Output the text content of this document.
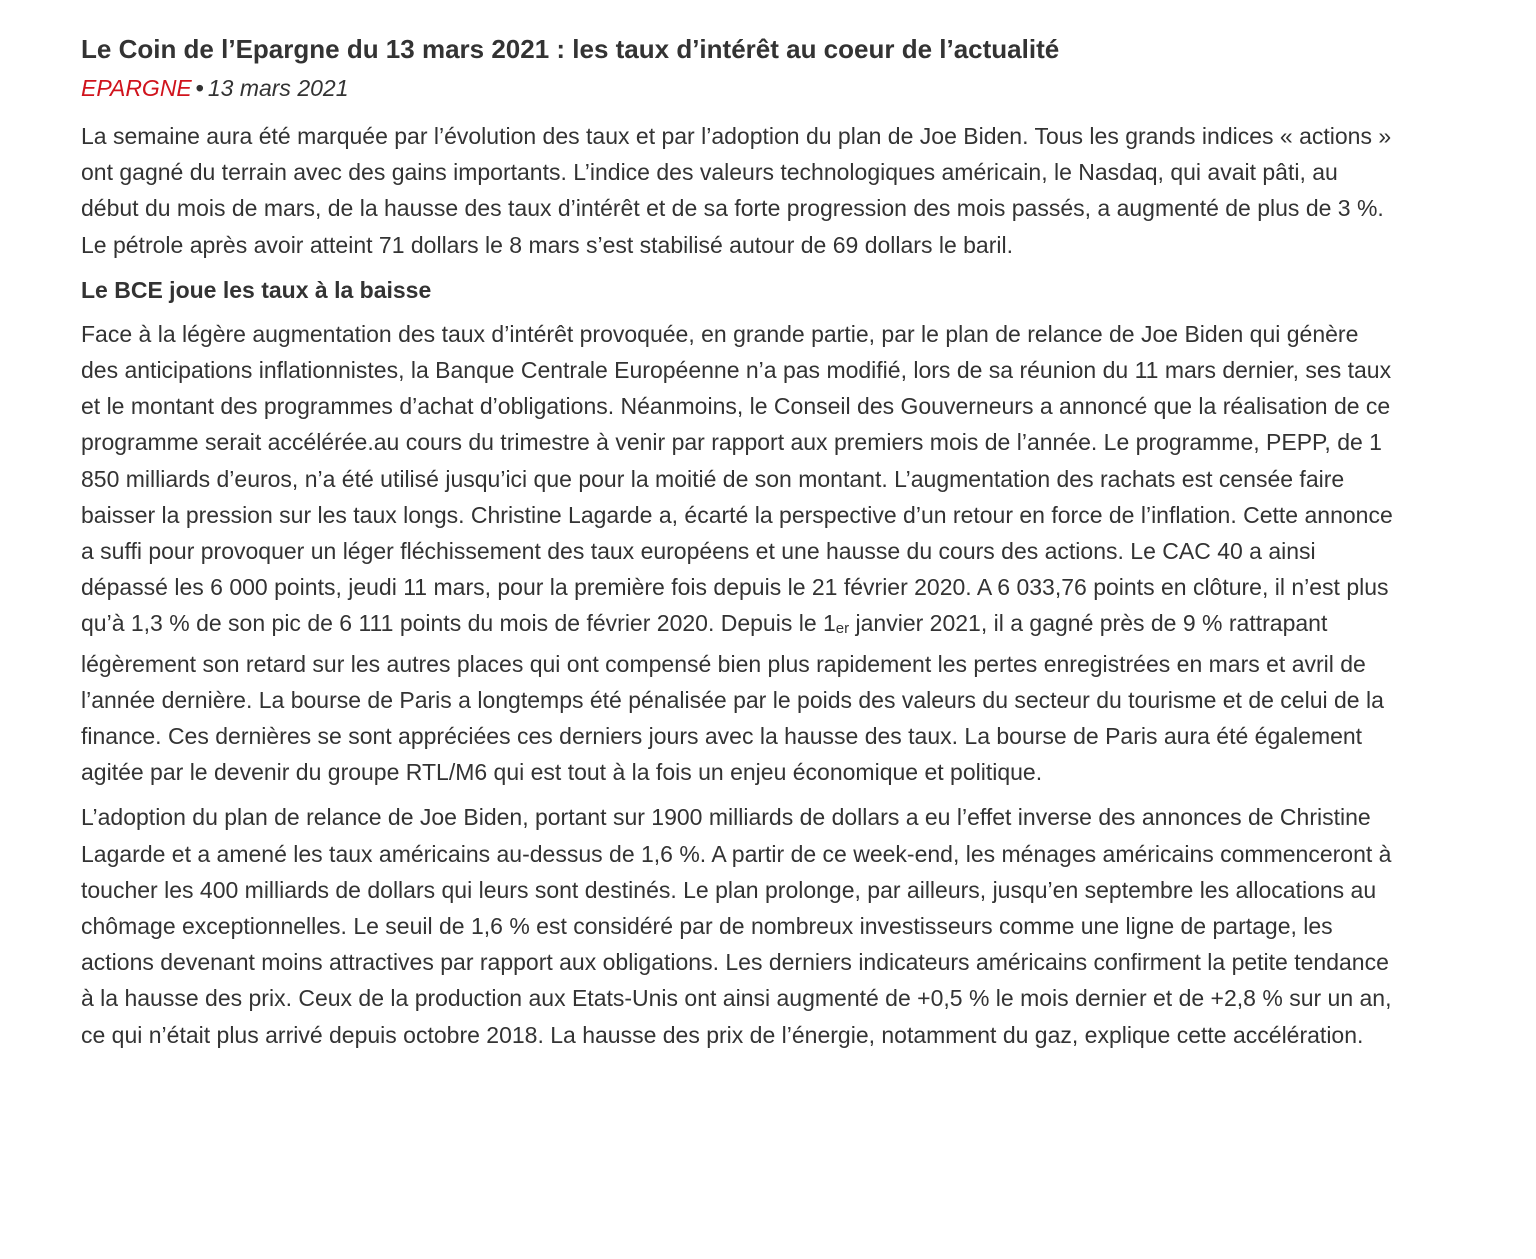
Le Coin de l’Epargne du 13 mars 2021 : les taux d’intérêt au coeur de l’actualité
EPARGNE • 13 mars 2021

La semaine aura été marquée par l’évolution des taux et par l’adoption du plan de Joe Biden. Tous les grands indices « actions » ont gagné du terrain avec des gains importants. L’indice des valeurs technologiques américain, le Nasdaq, qui avait pâti, au début du mois de mars, de la hausse des taux d’intérêt et de sa forte progression des mois passés, a augmenté de plus de 3 %. Le pétrole après avoir atteint 71 dollars le 8 mars s’est stabilisé autour de 69 dollars le baril.

Le BCE joue les taux à la baisse

Face à la légère augmentation des taux d’intérêt provoquée, en grande partie, par le plan de relance de Joe Biden qui génère des anticipations inflationnistes, la Banque Centrale Européenne n’a pas modifié, lors de sa réunion du 11 mars dernier, ses taux et le montant des programmes d’achat d’obligations. Néanmoins, le Conseil des Gouverneurs a annoncé que la réalisation de ce programme serait accélérée.au cours du trimestre à venir par rapport aux premiers mois de l’année. Le programme, PEPP, de 1 850 milliards d’euros, n’a été utilisé jusqu’ici que pour la moitié de son montant. L’augmentation des rachats est censée faire baisser la pression sur les taux longs. Christine Lagarde a, écarté la perspective d’un retour en force de l’inflation. Cette annonce a suffi pour provoquer un léger fléchissement des taux européens et une hausse du cours des actions. Le CAC 40 a ainsi dépassé les 6 000 points, jeudi 11 mars, pour la première fois depuis le 21 février 2020. A 6 033,76 points en clôture, il n’est plus qu’à 1,3 % de son pic de 6 111 points du mois de février 2020. Depuis le 1er janvier 2021, il a gagné près de 9 % rattrapant légèrement son retard sur les autres places qui ont compensé bien plus rapidement les pertes enregistrées en mars et avril de l’année dernière. La bourse de Paris a longtemps été pénalisée par le poids des valeurs du secteur du tourisme et de celui de la finance. Ces dernières se sont appréciées ces derniers jours avec la hausse des taux. La bourse de Paris aura été également agitée par le devenir du groupe RTL/M6 qui est tout à la fois un enjeu économique et politique.

L’adoption du plan de relance de Joe Biden, portant sur 1900 milliards de dollars a eu l’effet inverse des annonces de Christine Lagarde et a amené les taux américains au-dessus de 1,6 %. A partir de ce week-end, les ménages américains commenceront à toucher les 400 milliards de dollars qui leurs sont destinés. Le plan prolonge, par ailleurs, jusqu’en septembre les allocations au chômage exceptionnelles. Le seuil de 1,6 % est considéré par de nombreux investisseurs comme une ligne de partage, les actions devenant moins attractives par rapport aux obligations. Les derniers indicateurs américains confirment la petite tendance à la hausse des prix. Ceux de la production aux Etats-Unis ont ainsi augmenté de +0,5 % le mois dernier et de +2,8 % sur un an, ce qui n’était plus arrivé depuis octobre 2018. La hausse des prix de l’énergie, notamment du gaz, explique cette accélération.
